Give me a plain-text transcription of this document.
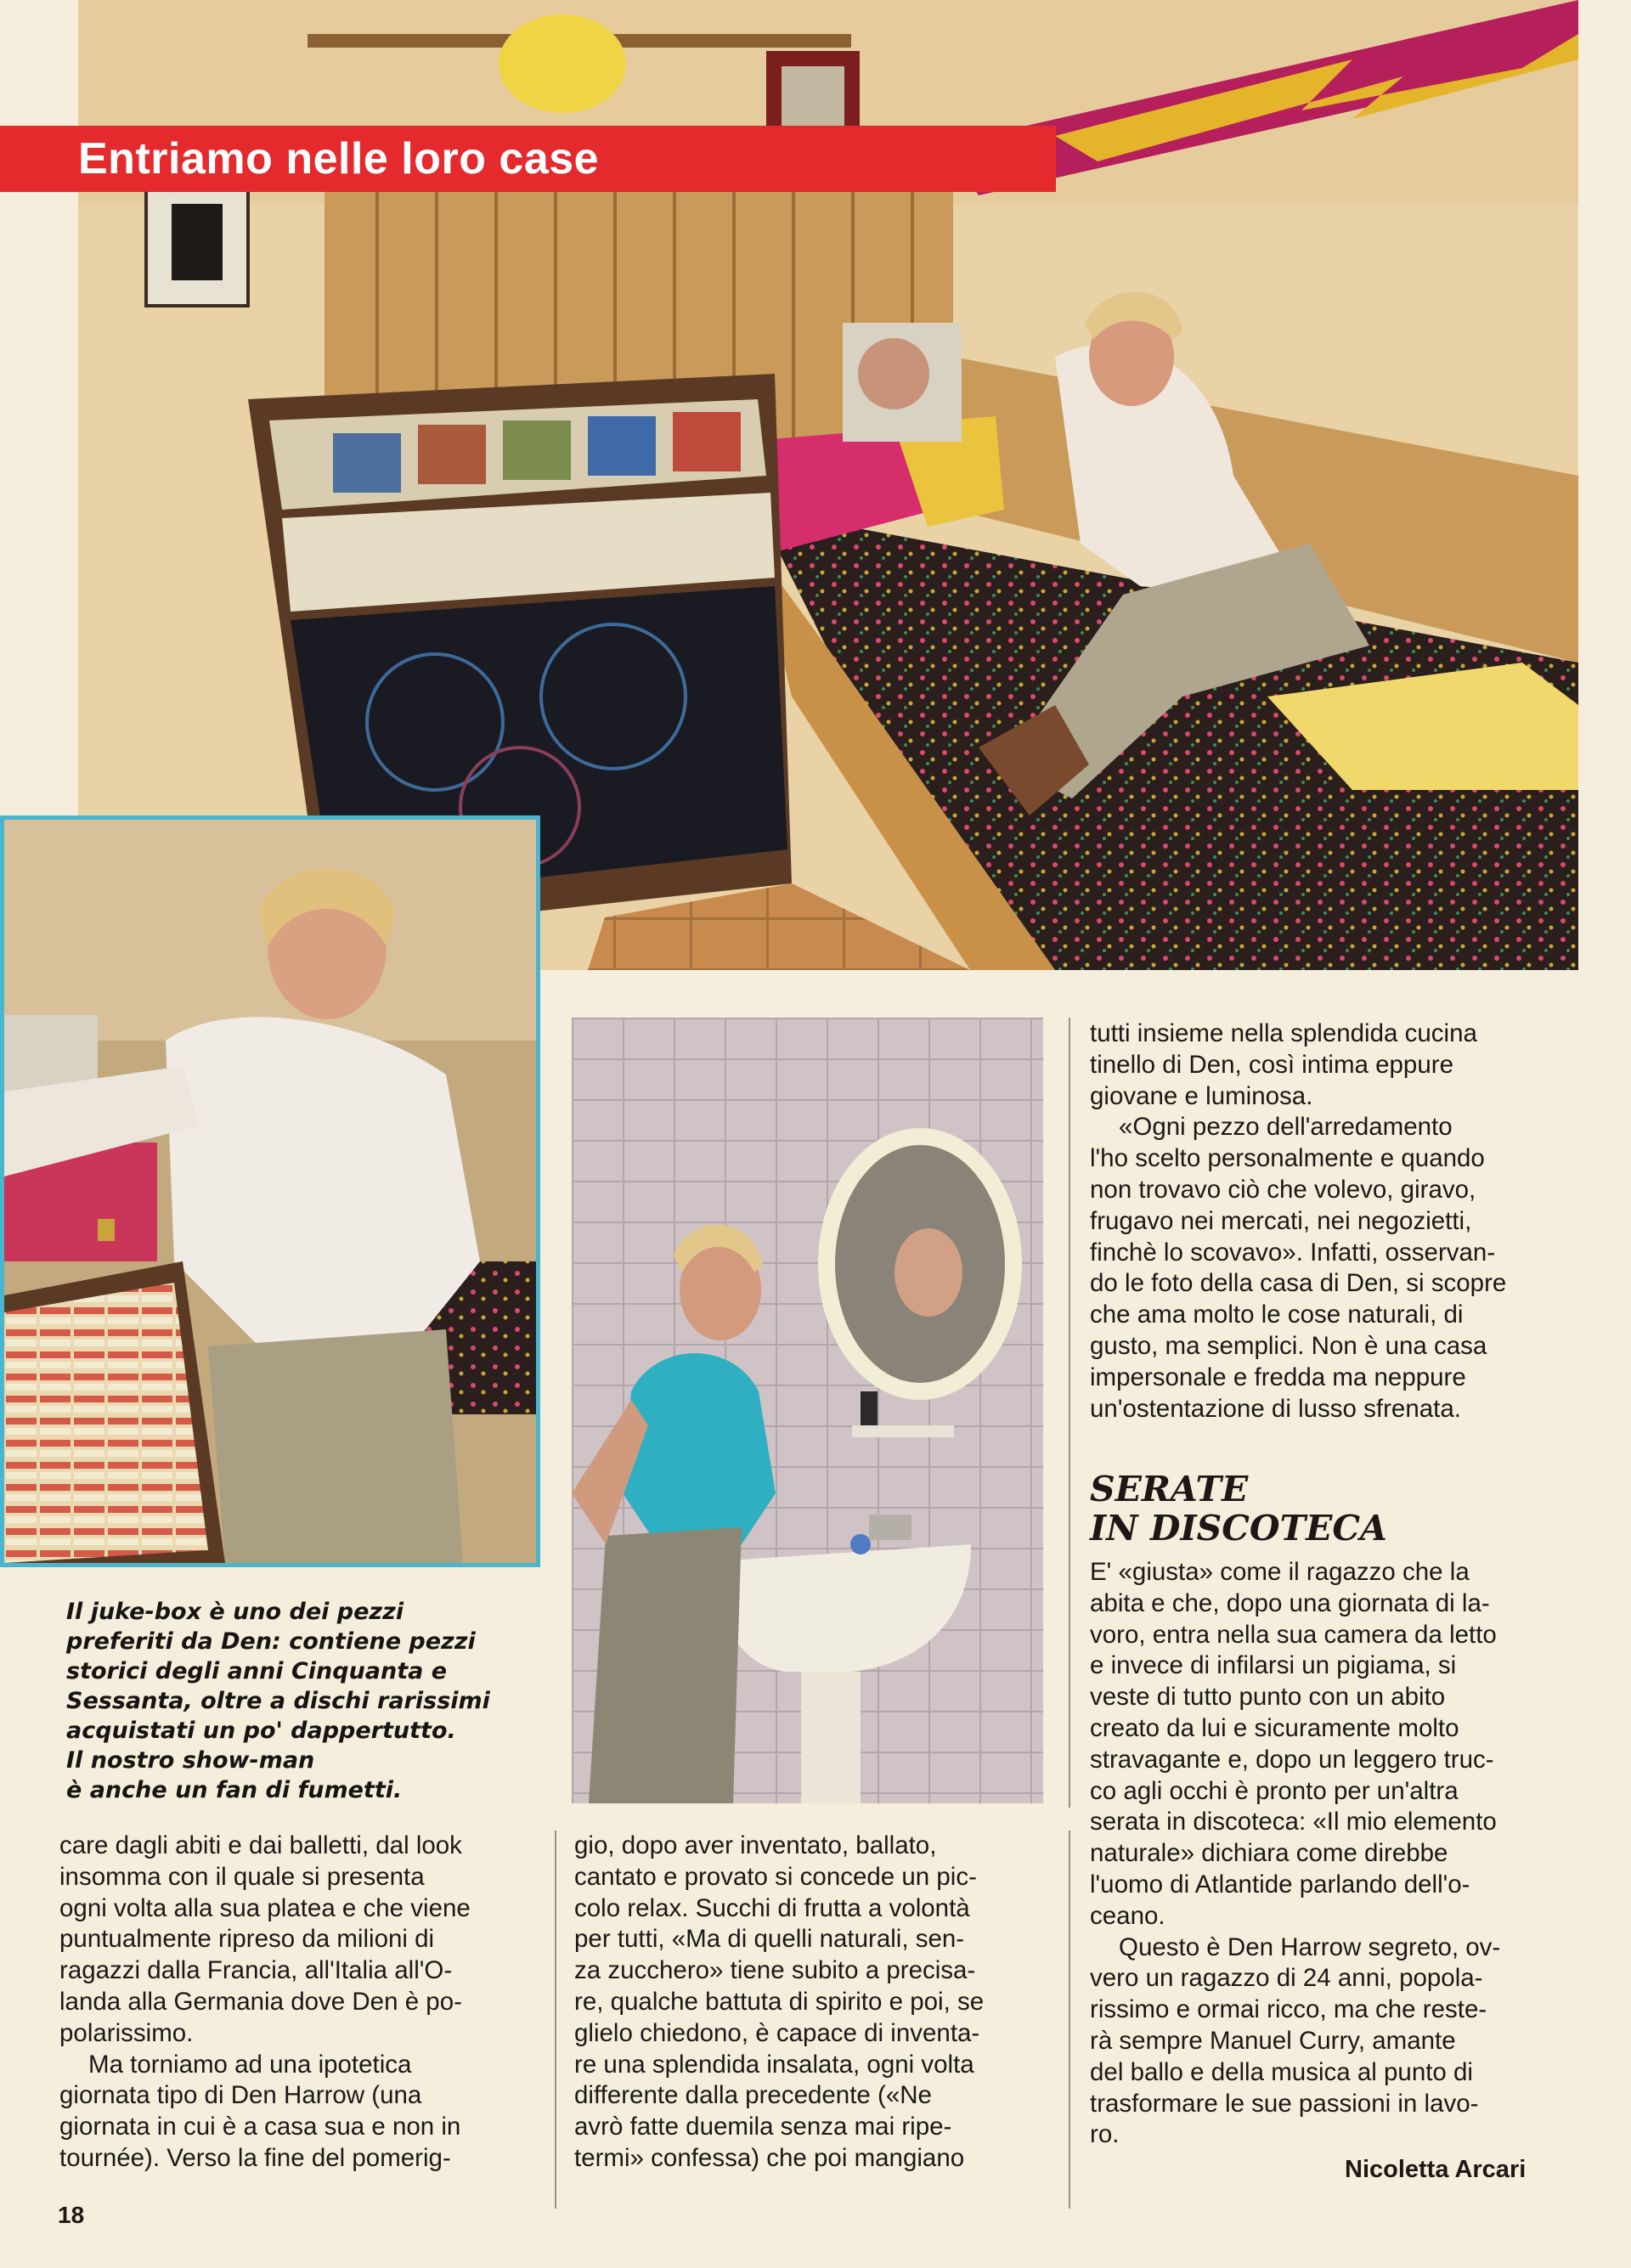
Entriamo nelle loro case
Il juke-box è uno dei pezzi
preferiti da Den: contiene pezzi
storici degli anni Cinquanta e
Sessanta, oltre a dischi rarissimi
acquistati un po' dappertutto.
Il nostro show-man
è anche un fan di fumetti.
care dagli abiti e dai balletti, dal look
insomma con il quale si presenta
ogni volta alla sua platea e che viene
puntualmente ripreso da milioni di
ragazzi dalla Francia, all'Italia all'O-
landa alla Germania dove Den è po-
polarissimo.
Ma torniamo ad una ipotetica
giornata tipo di Den Harrow (una
giornata in cui è a casa sua e non in
tournée). Verso la fine del pomerig-
gio, dopo aver inventato, ballato,
cantato e provato si concede un pic-
colo relax. Succhi di frutta a volontà
per tutti, «Ma di quelli naturali, sen-
za zucchero» tiene subito a precisa-
re, qualche battuta di spirito e poi, se
glielo chiedono, è capace di inventa-
re una splendida insalata, ogni volta
differente dalla precedente («Ne
avrò fatte duemila senza mai ripe-
termi» confessa) che poi mangiano
tutti insieme nella splendida cucina
tinello di Den, così intima eppure
giovane e luminosa.
«Ogni pezzo dell'arredamento
l'ho scelto personalmente e quando
non trovavo ciò che volevo, giravo,
frugavo nei mercati, nei negozietti,
finchè lo scovavo». Infatti, osservan-
do le foto della casa di Den, si scopre
che ama molto le cose naturali, di
gusto, ma semplici. Non è una casa
impersonale e fredda ma neppure
un'ostentazione di lusso sfrenata.
SERATE
IN DISCOTECA
E' «giusta» come il ragazzo che la
abita e che, dopo una giornata di la-
voro, entra nella sua camera da letto
e invece di infilarsi un pigiama, si
veste di tutto punto con un abito
creato da lui e sicuramente molto
stravagante e, dopo un leggero truc-
co agli occhi è pronto per un'altra
serata in discoteca: «Il mio elemento
naturale» dichiara come direbbe
l'uomo di Atlantide parlando dell'o-
ceano.
Questo è Den Harrow segreto, ov-
vero un ragazzo di 24 anni, popola-
rissimo e ormai ricco, ma che reste-
rà sempre Manuel Curry, amante
del ballo e della musica al punto di
trasformare le sue passioni in lavo-
ro.
Nicoletta Arcari
18
